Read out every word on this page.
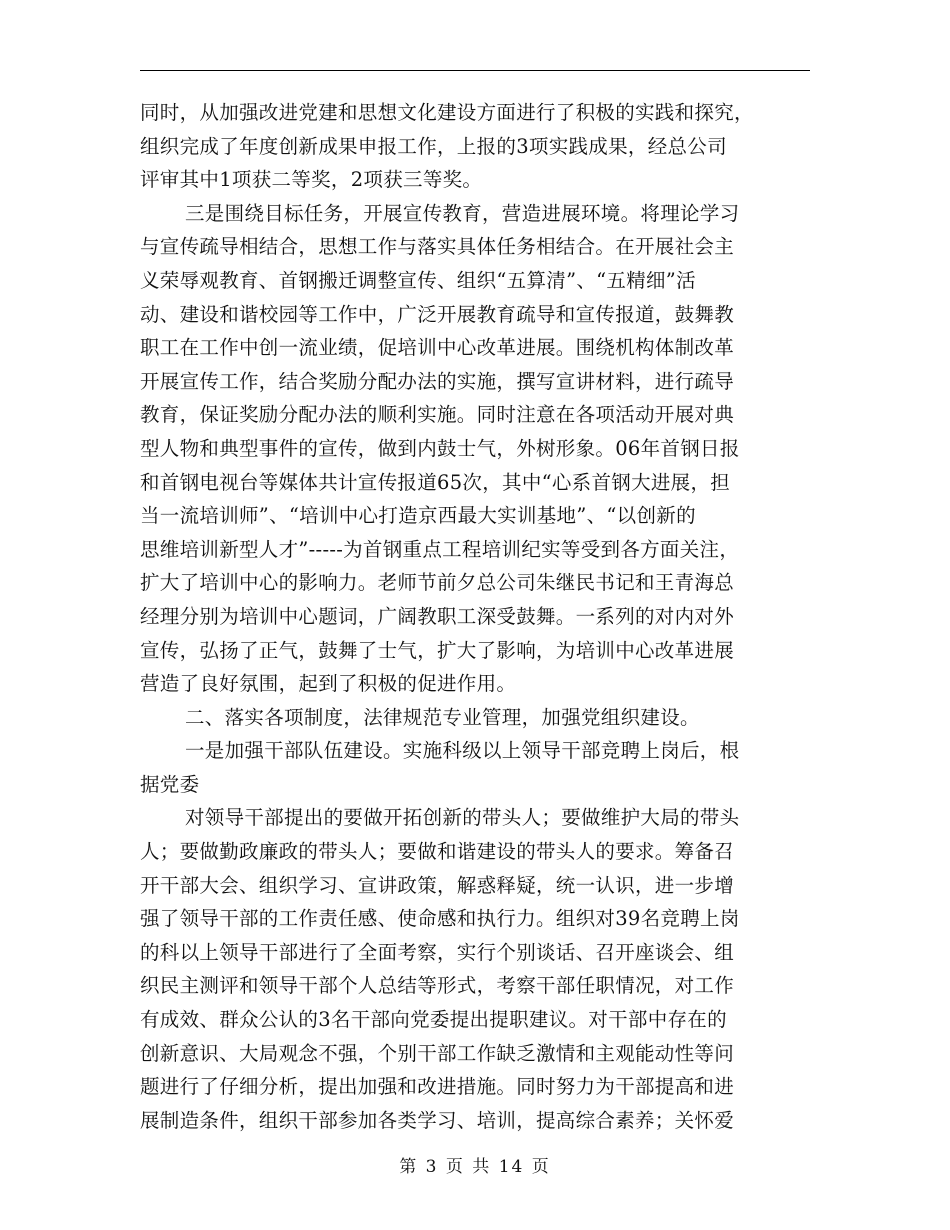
同时，从加强改进党建和思想文化建设方面进行了积极的实践和探究，
组织完成了年度创新成果申报工作，上报的3项实践成果，经总公司
评审其中1项获二等奖，2项获三等奖。
三是围绕目标任务，开展宣传教育，营造进展环境。将理论学习
与宣传疏导相结合，思想工作与落实具体任务相结合。在开展社会主
义荣辱观教育、首钢搬迁调整宣传、组织“五算清”、“五精细”活
动、建设和谐校园等工作中，广泛开展教育疏导和宣传报道，鼓舞教
职工在工作中创一流业绩，促培训中心改革进展。围绕机构体制改革
开展宣传工作，结合奖励分配办法的实施，撰写宣讲材料，进行疏导
教育，保证奖励分配办法的顺利实施。同时注意在各项活动开展对典
型人物和典型事件的宣传，做到内鼓士气，外树形象。06年首钢日报
和首钢电视台等媒体共计宣传报道65次，其中“心系首钢大进展，担
当一流培训师”、“培训中心打造京西最大实训基地”、“以创新的
思维培训新型人才”-----为首钢重点工程培训纪实等受到各方面关注，
扩大了培训中心的影响力。老师节前夕总公司朱继民书记和王青海总
经理分别为培训中心题词，广阔教职工深受鼓舞。一系列的对内对外
宣传，弘扬了正气，鼓舞了士气，扩大了影响，为培训中心改革进展
营造了良好氛围，起到了积极的促进作用。
二、落实各项制度，法律规范专业管理，加强党组织建设。
一是加强干部队伍建设。实施科级以上领导干部竞聘上岗后，根
据党委
对领导干部提出的要做开拓创新的带头人；要做维护大局的带头
人；要做勤政廉政的带头人；要做和谐建设的带头人的要求。筹备召
开干部大会、组织学习、宣讲政策，解惑释疑，统一认识，进一步增
强了领导干部的工作责任感、使命感和执行力。组织对39名竞聘上岗
的科以上领导干部进行了全面考察，实行个别谈话、召开座谈会、组
织民主测评和领导干部个人总结等形式，考察干部任职情况，对工作
有成效、群众公认的3名干部向党委提出提职建议。对干部中存在的
创新意识、大局观念不强，个别干部工作缺乏激情和主观能动性等问
题进行了仔细分析，提出加强和改进措施。同时努力为干部提高和进
展制造条件，组织干部参加各类学习、培训，提高综合素养；关怀爱
第 3 页 共 14 页
